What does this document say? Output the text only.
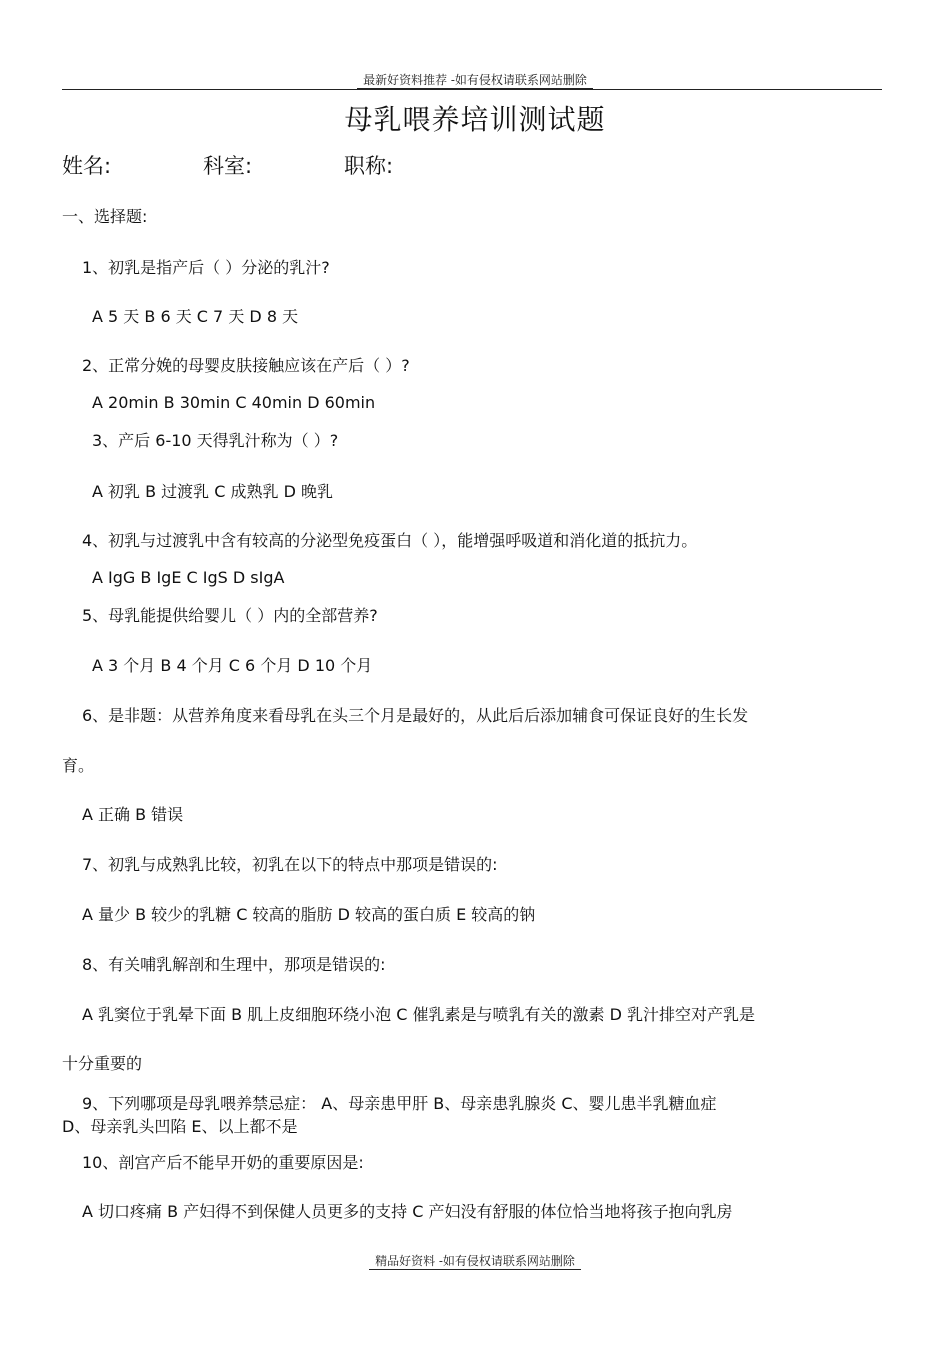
最新好资料推荐 -如有侵权请联系网站删除
母乳喂养培训测试题
姓名:	科室:	职称:
一、选择题:
1、初乳是指产后（ ）分泌的乳汁?
A 5 天 B 6 天 C 7 天 D 8 天
2、正常分娩的母婴皮肤接触应该在产后（ ）?
A 20min B 30min C 40min D 60min
3、产后 6-10 天得乳汁称为（ ）?
A 初乳 B 过渡乳 C 成熟乳 D 晚乳
4、初乳与过渡乳中含有较高的分泌型免疫蛋白（ ），能增强呼吸道和消化道的抵抗力。
A IgG B IgE C IgS D sIgA
5、母乳能提供给婴儿（ ）内的全部营养?
A 3 个月 B 4 个月 C 6 个月 D 10 个月
6、是非题：从营养角度来看母乳在头三个月是最好的，从此后后添加辅食可保证良好的生长发
育。
A 正确 B 错误
7、初乳与成熟乳比较，初乳在以下的特点中那项是错误的:
A 量少 B 较少的乳糖 C 较高的脂肪 D 较高的蛋白质 E 较高的钠
8、有关哺乳解剖和生理中，那项是错误的:
A 乳窦位于乳晕下面 B 肌上皮细胞环绕小泡 C 催乳素是与喷乳有关的激素 D 乳汁排空对产乳是
十分重要的
9、下列哪项是母乳喂养禁忌症： A、母亲患甲肝 B、母亲患乳腺炎 C、婴儿患半乳糖血症
D、母亲乳头凹陷 E、以上都不是
10、剖宫产后不能早开奶的重要原因是:
A 切口疼痛 B 产妇得不到保健人员更多的支持 C 产妇没有舒服的体位恰当地将孩子抱向乳房
精品好资料 -如有侵权请联系网站删除
